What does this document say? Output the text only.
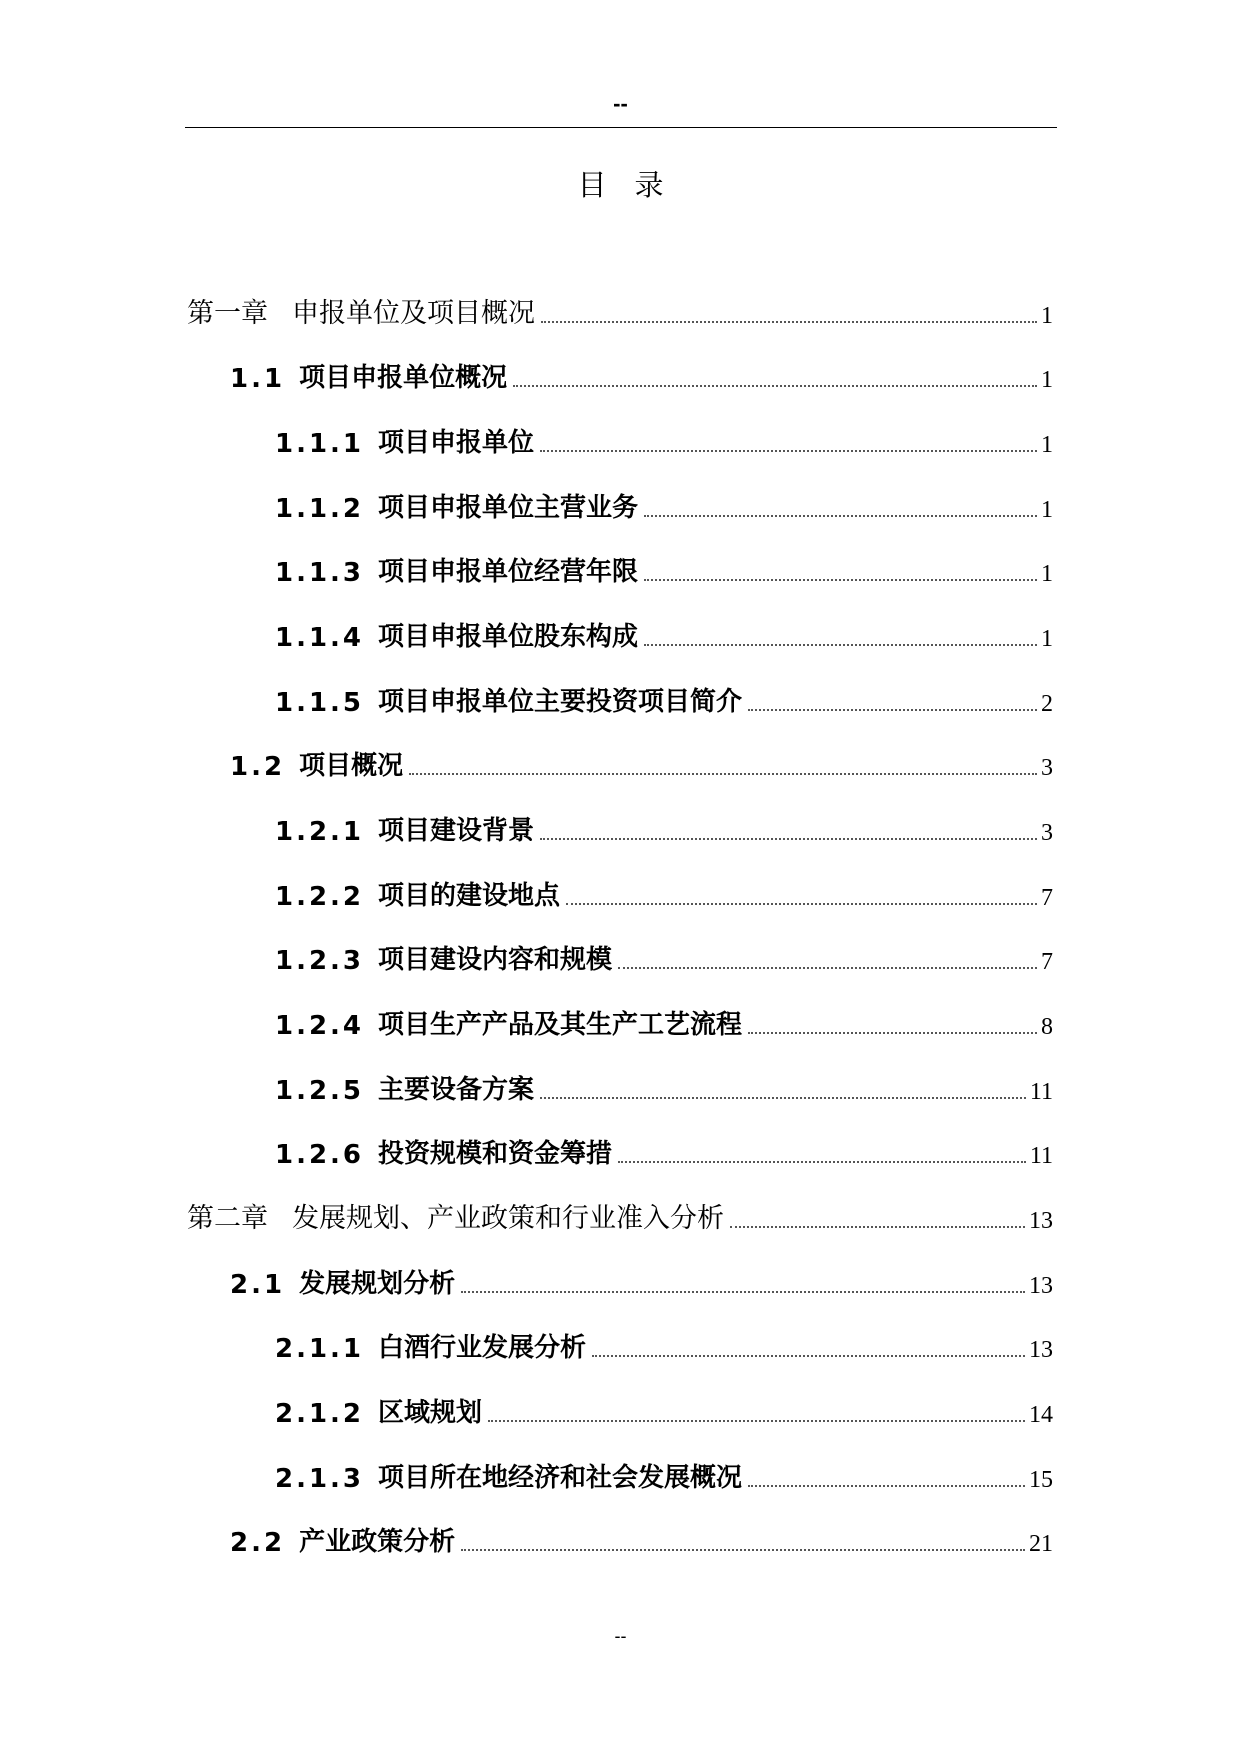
--
目录
第一章 申报单位及项目概况	1
1.1 项目申报单位概况	1
1.1.1 项目申报单位	1
1.1.2 项目申报单位主营业务	1
1.1.3 项目申报单位经营年限	1
1.1.4 项目申报单位股东构成	1
1.1.5 项目申报单位主要投资项目简介	2
1.2 项目概况	3
1.2.1 项目建设背景	3
1.2.2 项目的建设地点	7
1.2.3 项目建设内容和规模	7
1.2.4 项目生产产品及其生产工艺流程	8
1.2.5 主要设备方案	11
1.2.6 投资规模和资金筹措	11
第二章 发展规划、产业政策和行业准入分析	13
2.1 发展规划分析	13
2.1.1 白酒行业发展分析	13
2.1.2 区域规划	14
2.1.3 项目所在地经济和社会发展概况	15
2.2 产业政策分析	21
--
